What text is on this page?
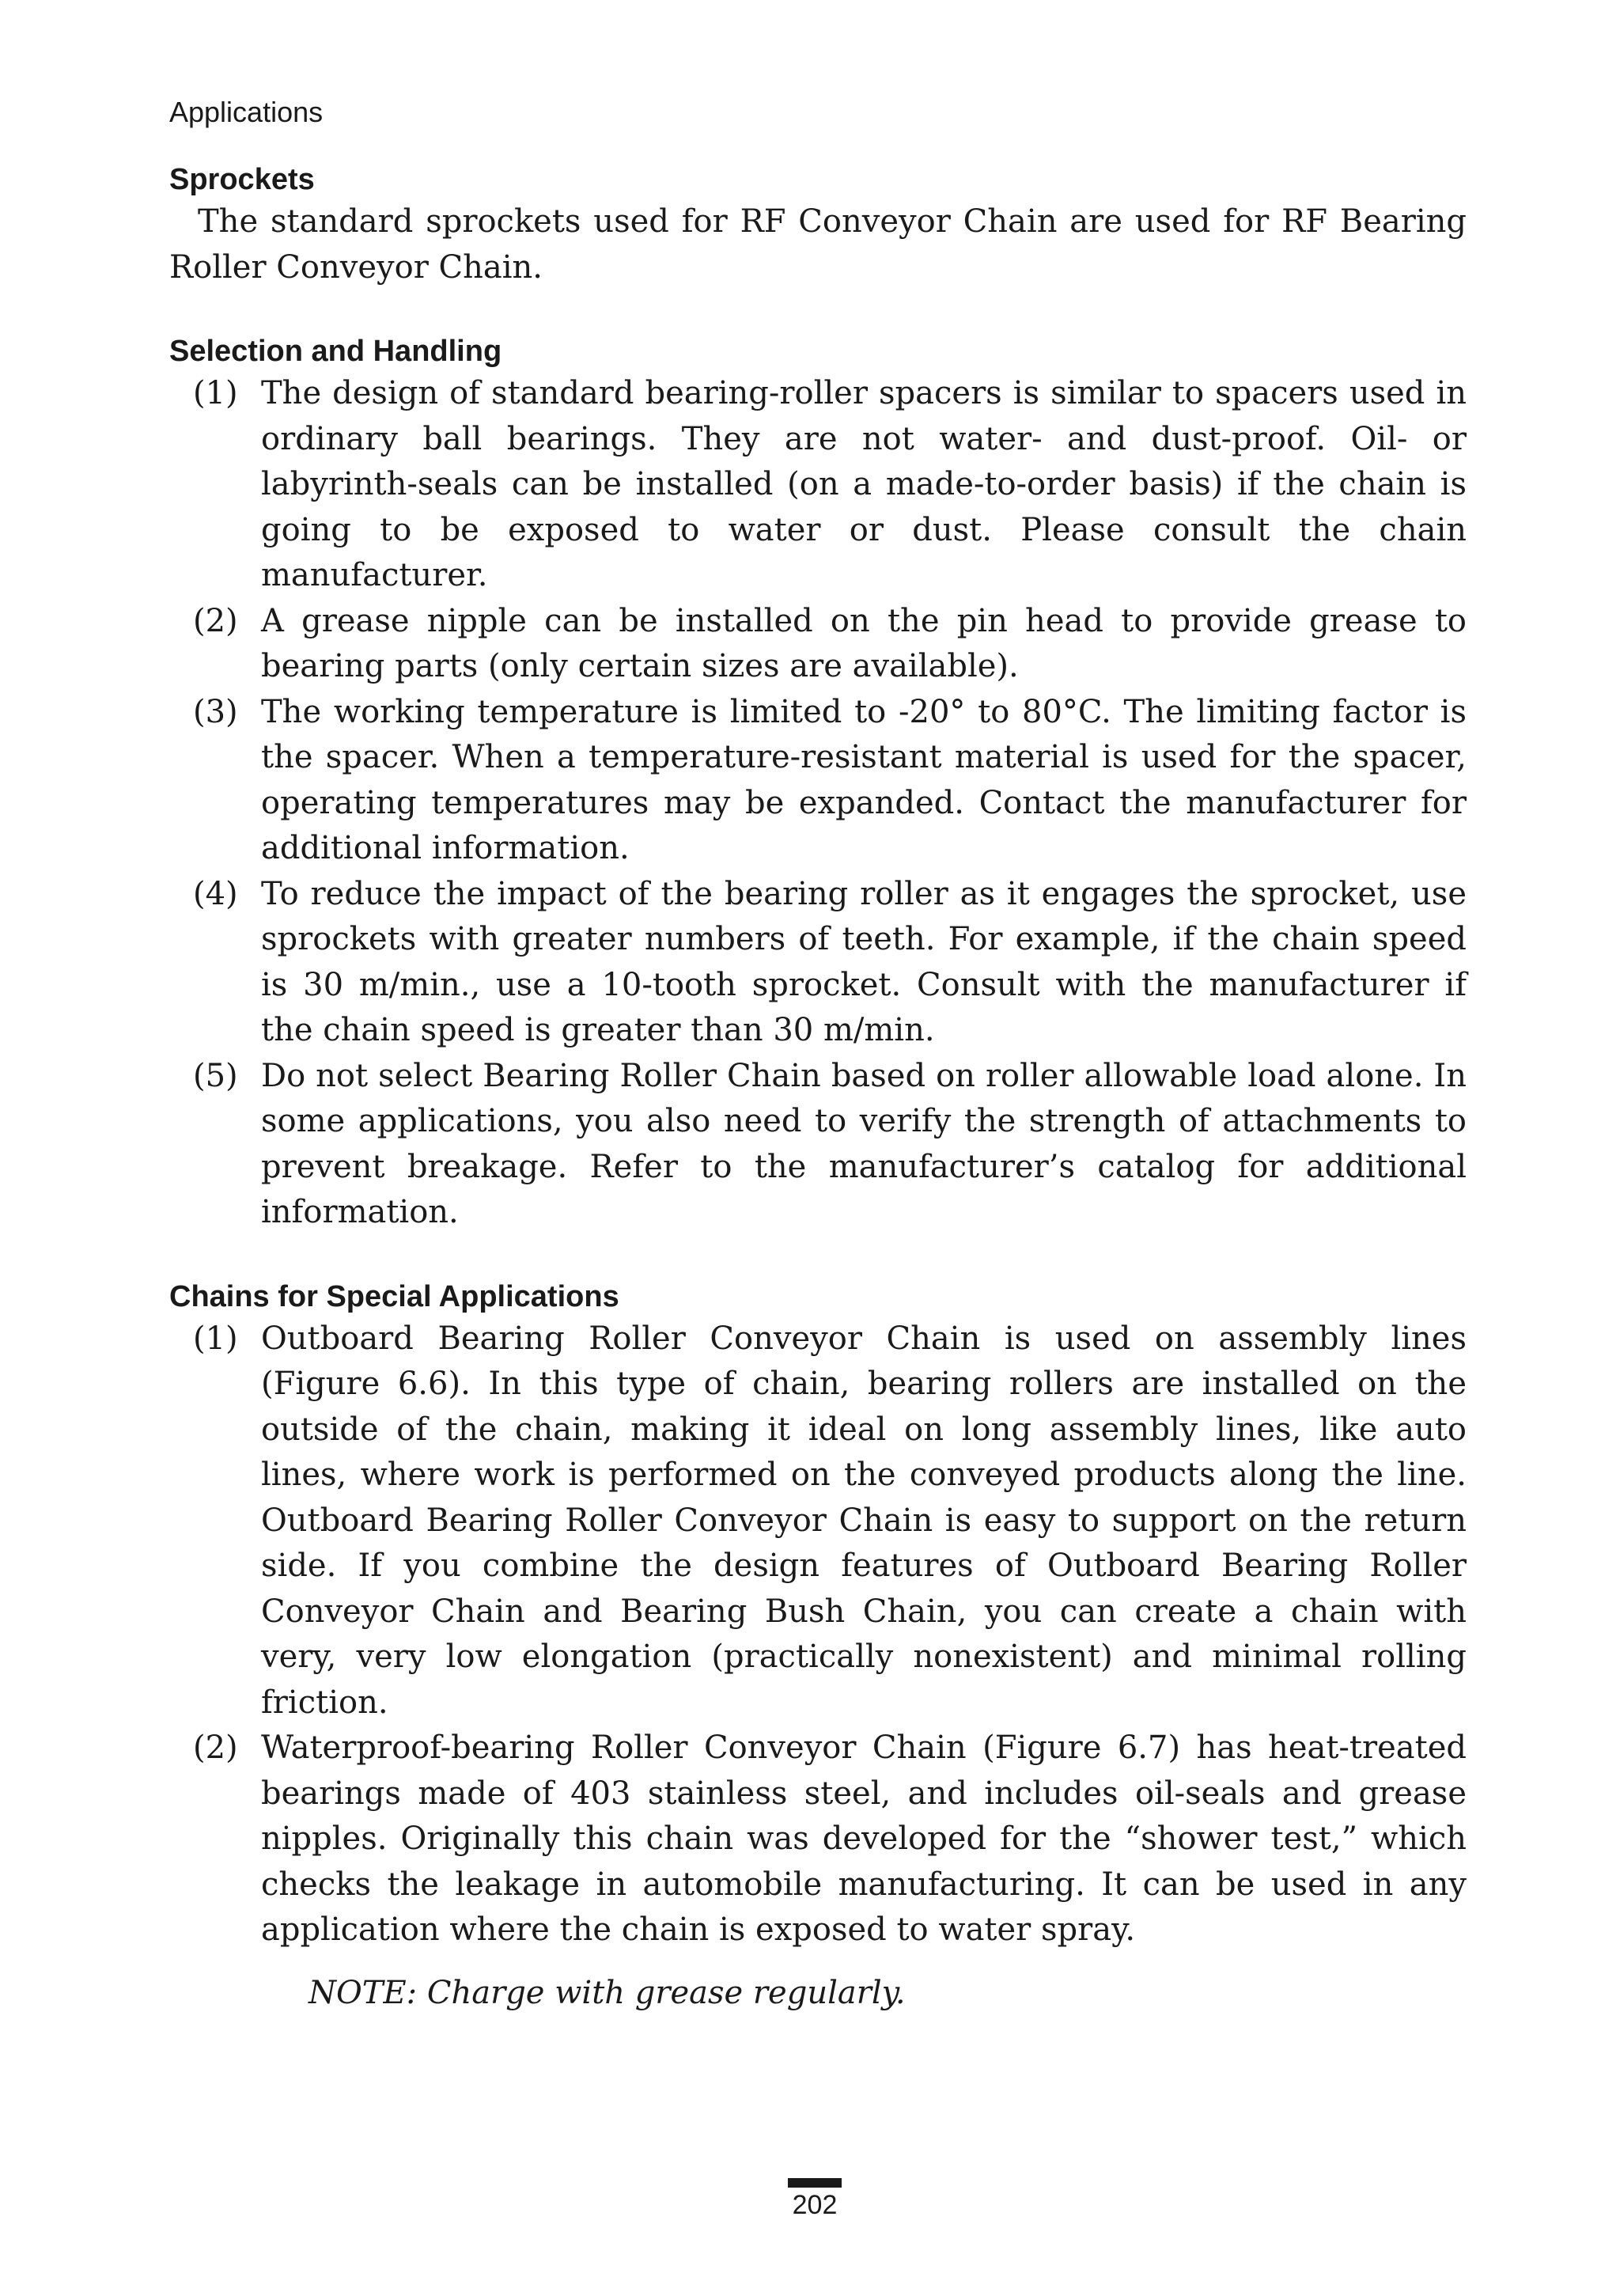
Applications
Sprockets

The standard sprockets used for RF Conveyor Chain are used for RF Bearing Roller Conveyor Chain.

Selection and Handling
(1) The design of standard bearing-roller spacers is similar to spacers used in ordinary ball bearings. They are not water- and dust-proof. Oil- or labyrinth-seals can be installed (on a made-to-order basis) if the chain is going to be exposed to water or dust. Please consult the chain manufacturer.
(2) A grease nipple can be installed on the pin head to provide grease to bearing parts (only certain sizes are available).
(3) The working temperature is limited to -20° to 80°C. The limiting factor is the spacer. When a temperature-resistant material is used for the spacer, operating temperatures may be expanded. Contact the manufacturer for additional information.
(4) To reduce the impact of the bearing roller as it engages the sprocket, use sprockets with greater numbers of teeth. For example, if the chain speed is 30 m/min., use a 10-tooth sprocket. Consult with the manufacturer if the chain speed is greater than 30 m/min.
(5) Do not select Bearing Roller Chain based on roller allowable load alone. In some applications, you also need to verify the strength of attachments to prevent breakage. Refer to the manufacturer’s catalog for additional information.
Chains for Special Applications
(1) Outboard Bearing Roller Conveyor Chain is used on assembly lines (Figure 6.6). In this type of chain, bearing rollers are installed on the outside of the chain, making it ideal on long assembly lines, like auto lines, where work is performed on the conveyed products along the line. Outboard Bearing Roller Conveyor Chain is easy to support on the return side. If you combine the design features of Outboard Bearing Roller Conveyor Chain and Bearing Bush Chain, you can create a chain with very, very low elongation (practically nonexistent) and minimal rolling friction.
(2) Waterproof-bearing Roller Conveyor Chain (Figure 6.7) has heat-treated bearings made of 403 stainless steel, and includes oil-seals and grease nipples. Originally this chain was developed for the “shower test,” which checks the leakage in automobile manufacturing. It can be used in any application where the chain is exposed to water spray.

NOTE: Charge with grease regularly.

202
